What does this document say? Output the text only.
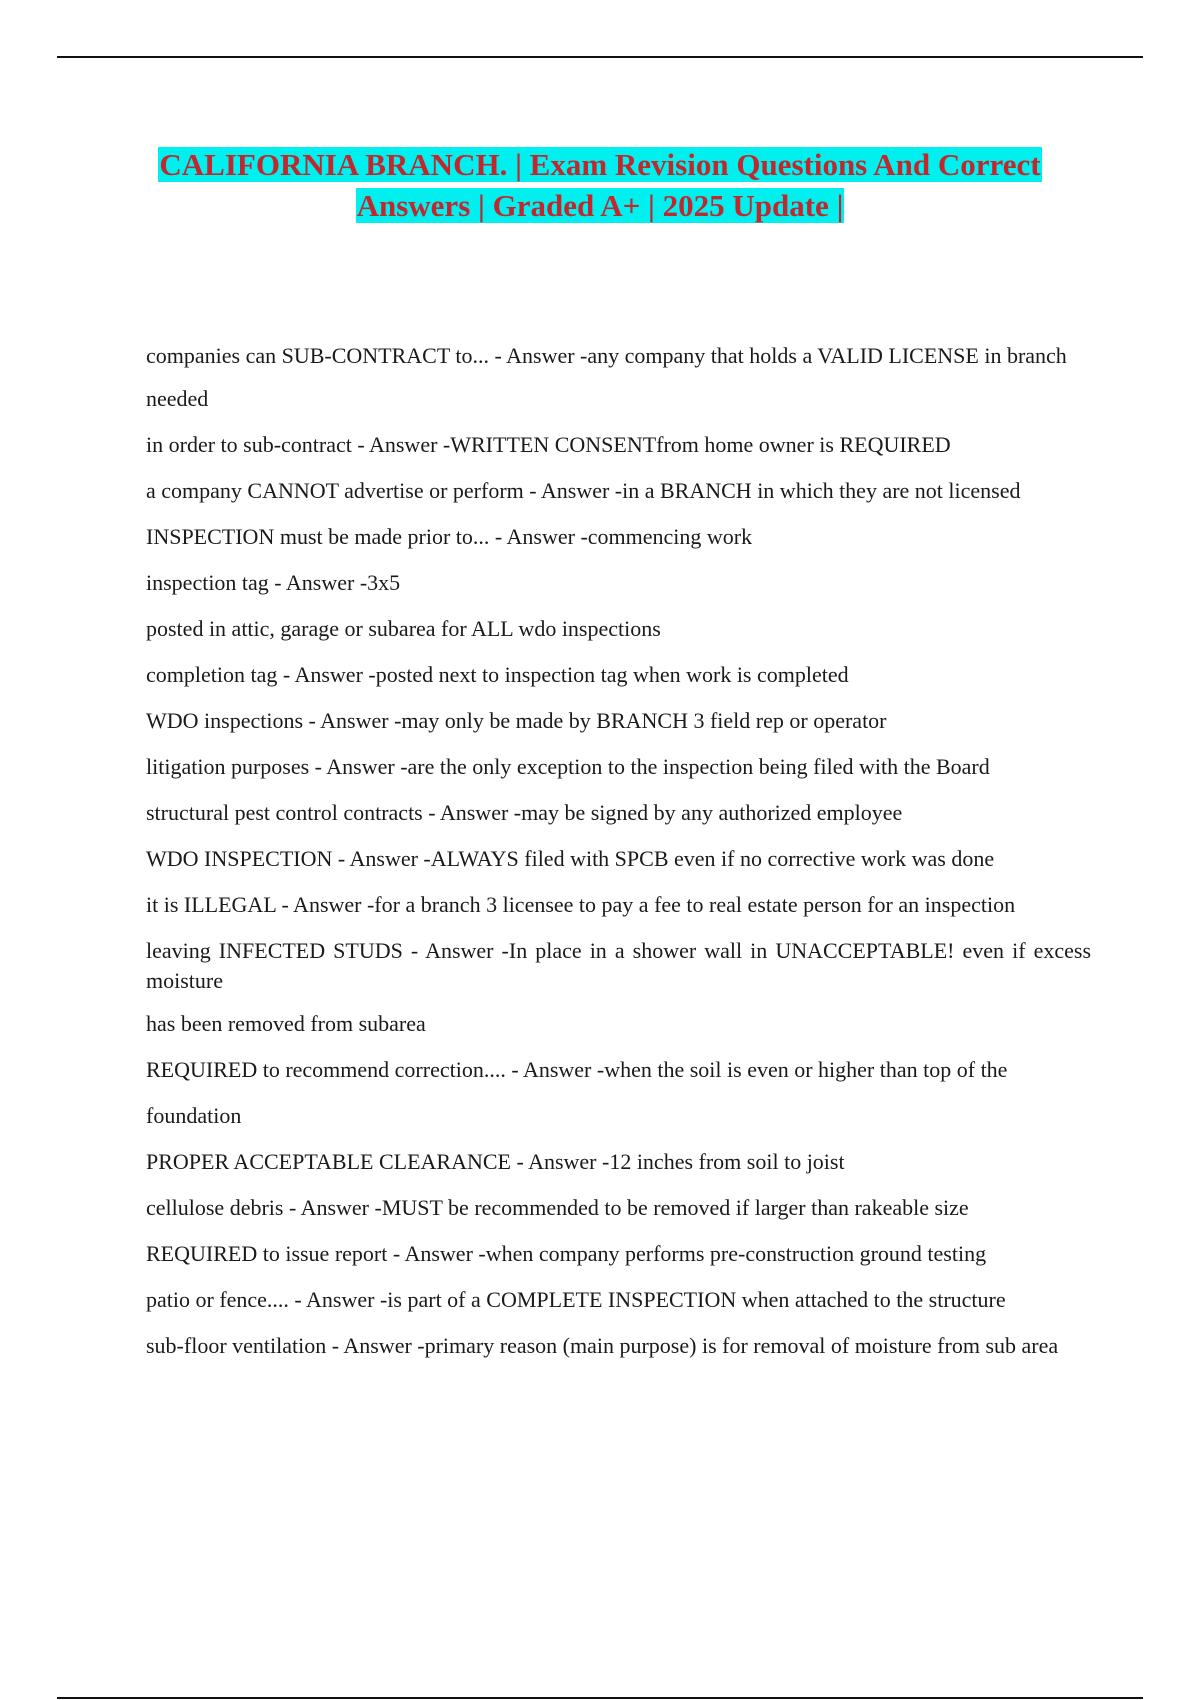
CALIFORNIA BRANCH. | Exam Revision Questions And Correct
Answers | Graded A+ | 2025 Update |

companies can SUB-CONTRACT to... - Answer -any company that holds a VALID LICENSE in branch

needed

in order to sub-contract - Answer -WRITTEN CONSENTfrom home owner is REQUIRED

a company CANNOT advertise or perform - Answer -in a BRANCH in which they are not licensed

INSPECTION must be made prior to... - Answer -commencing work

inspection tag - Answer -3x5

posted in attic, garage or subarea for ALL wdo inspections

completion tag - Answer -posted next to inspection tag when work is completed

WDO inspections - Answer -may only be made by BRANCH 3 field rep or operator

litigation purposes - Answer -are the only exception to the inspection being filed with the Board

structural pest control contracts - Answer -may be signed by any authorized employee

WDO INSPECTION - Answer -ALWAYS filed with SPCB even if no corrective work was done

it is ILLEGAL - Answer -for a branch 3 licensee to pay a fee to real estate person for an inspection

leaving INFECTED STUDS - Answer -In place in a shower wall in UNACCEPTABLE! even if excess moisture

has been removed from subarea

REQUIRED to recommend correction.... - Answer -when the soil is even or higher than top of the

foundation

PROPER ACCEPTABLE CLEARANCE - Answer -12 inches from soil to joist

cellulose debris - Answer -MUST be recommended to be removed if larger than rakeable size

REQUIRED to issue report - Answer -when company performs pre-construction ground testing

patio or fence.... - Answer -is part of a COMPLETE INSPECTION when attached to the structure

sub-floor ventilation - Answer -primary reason (main purpose) is for removal of moisture from sub area
